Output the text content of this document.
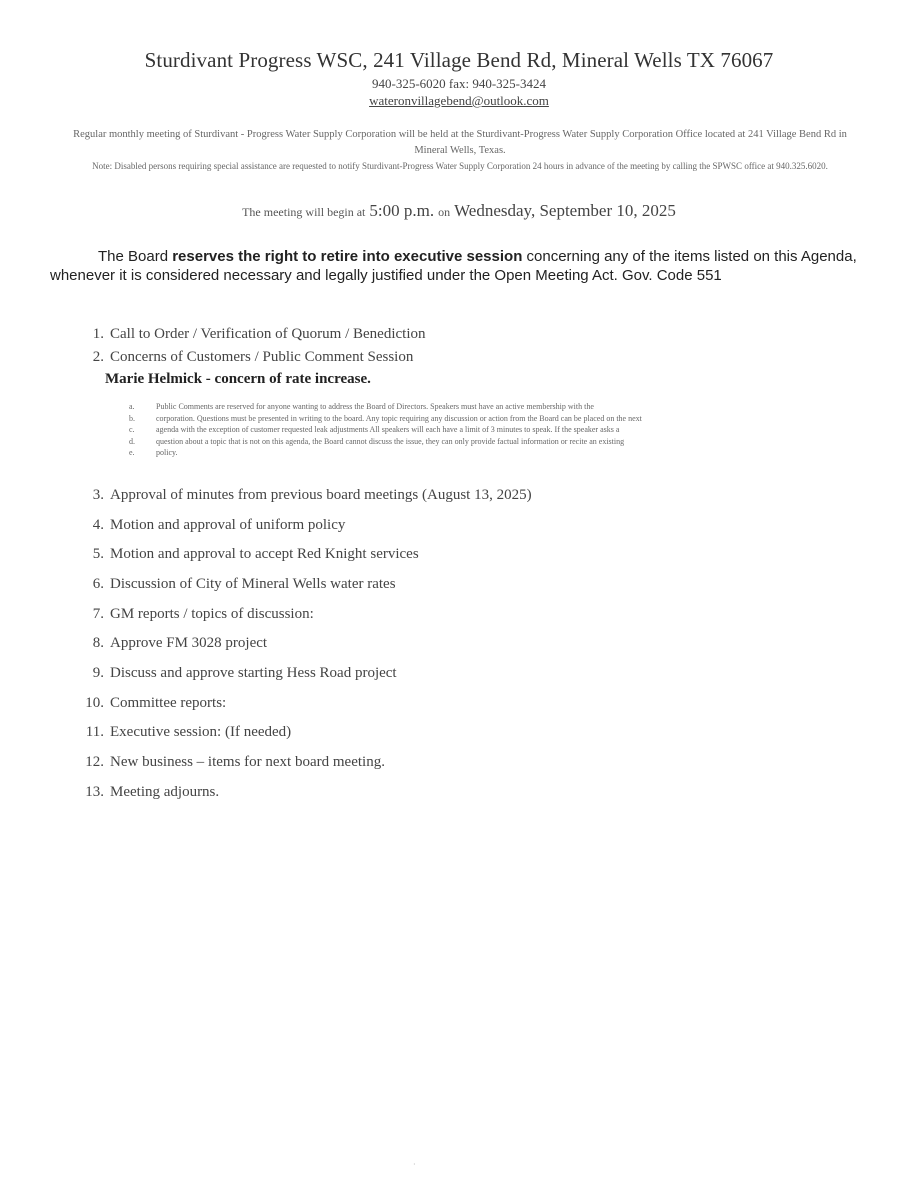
Sturdivant Progress WSC, 241 Village Bend Rd, Mineral Wells TX 76067
940-325-6020 fax: 940-325-3424
wateronvillagebend@outlook.com
Regular monthly meeting of Sturdivant - Progress Water Supply Corporation will be held at the Sturdivant-Progress Water Supply Corporation Office located at 241 Village Bend Rd in Mineral Wells, Texas.
Note: Disabled persons requiring special assistance are requested to notify Sturdivant-Progress Water Supply Corporation 24 hours in advance of the meeting by calling the SPWSC office at 940.325.6020.
The meeting will begin at 5:00 p.m. on Wednesday, September 10, 2025
The Board reserves the right to retire into executive session concerning any of the items listed on this Agenda, whenever it is considered necessary and legally justified under the Open Meeting Act. Gov. Code 551
1. Call to Order / Verification of Quorum / Benediction
2. Concerns of Customers / Public Comment Session
Marie Helmick - concern of rate increase.
a.	Public Comments are reserved for anyone wanting to address the Board of Directors. Speakers must have an active membership with the
b.	corporation. Questions must be presented in writing to the board. Any topic requiring any discussion or action from the Board can be placed on the next
c.	agenda with the exception of customer requested leak adjustments All speakers will each have a limit of 3 minutes to speak. If the speaker asks a
d.	question about a topic that is not on this agenda, the Board cannot discuss the issue, they can only provide factual information or recite an existing
e.	policy.
3. Approval of minutes from previous board meetings (August 13, 2025)
4. Motion and approval of uniform policy
5. Motion and approval to accept Red Knight services
6. Discussion of City of Mineral Wells water rates
7. GM reports / topics of discussion:
8. Approve FM 3028 project
9. Discuss and approve starting Hess Road project
10. Committee reports:
11. Executive session: (If needed)
12. New business – items for next board meeting.
13. Meeting adjourns.
·
